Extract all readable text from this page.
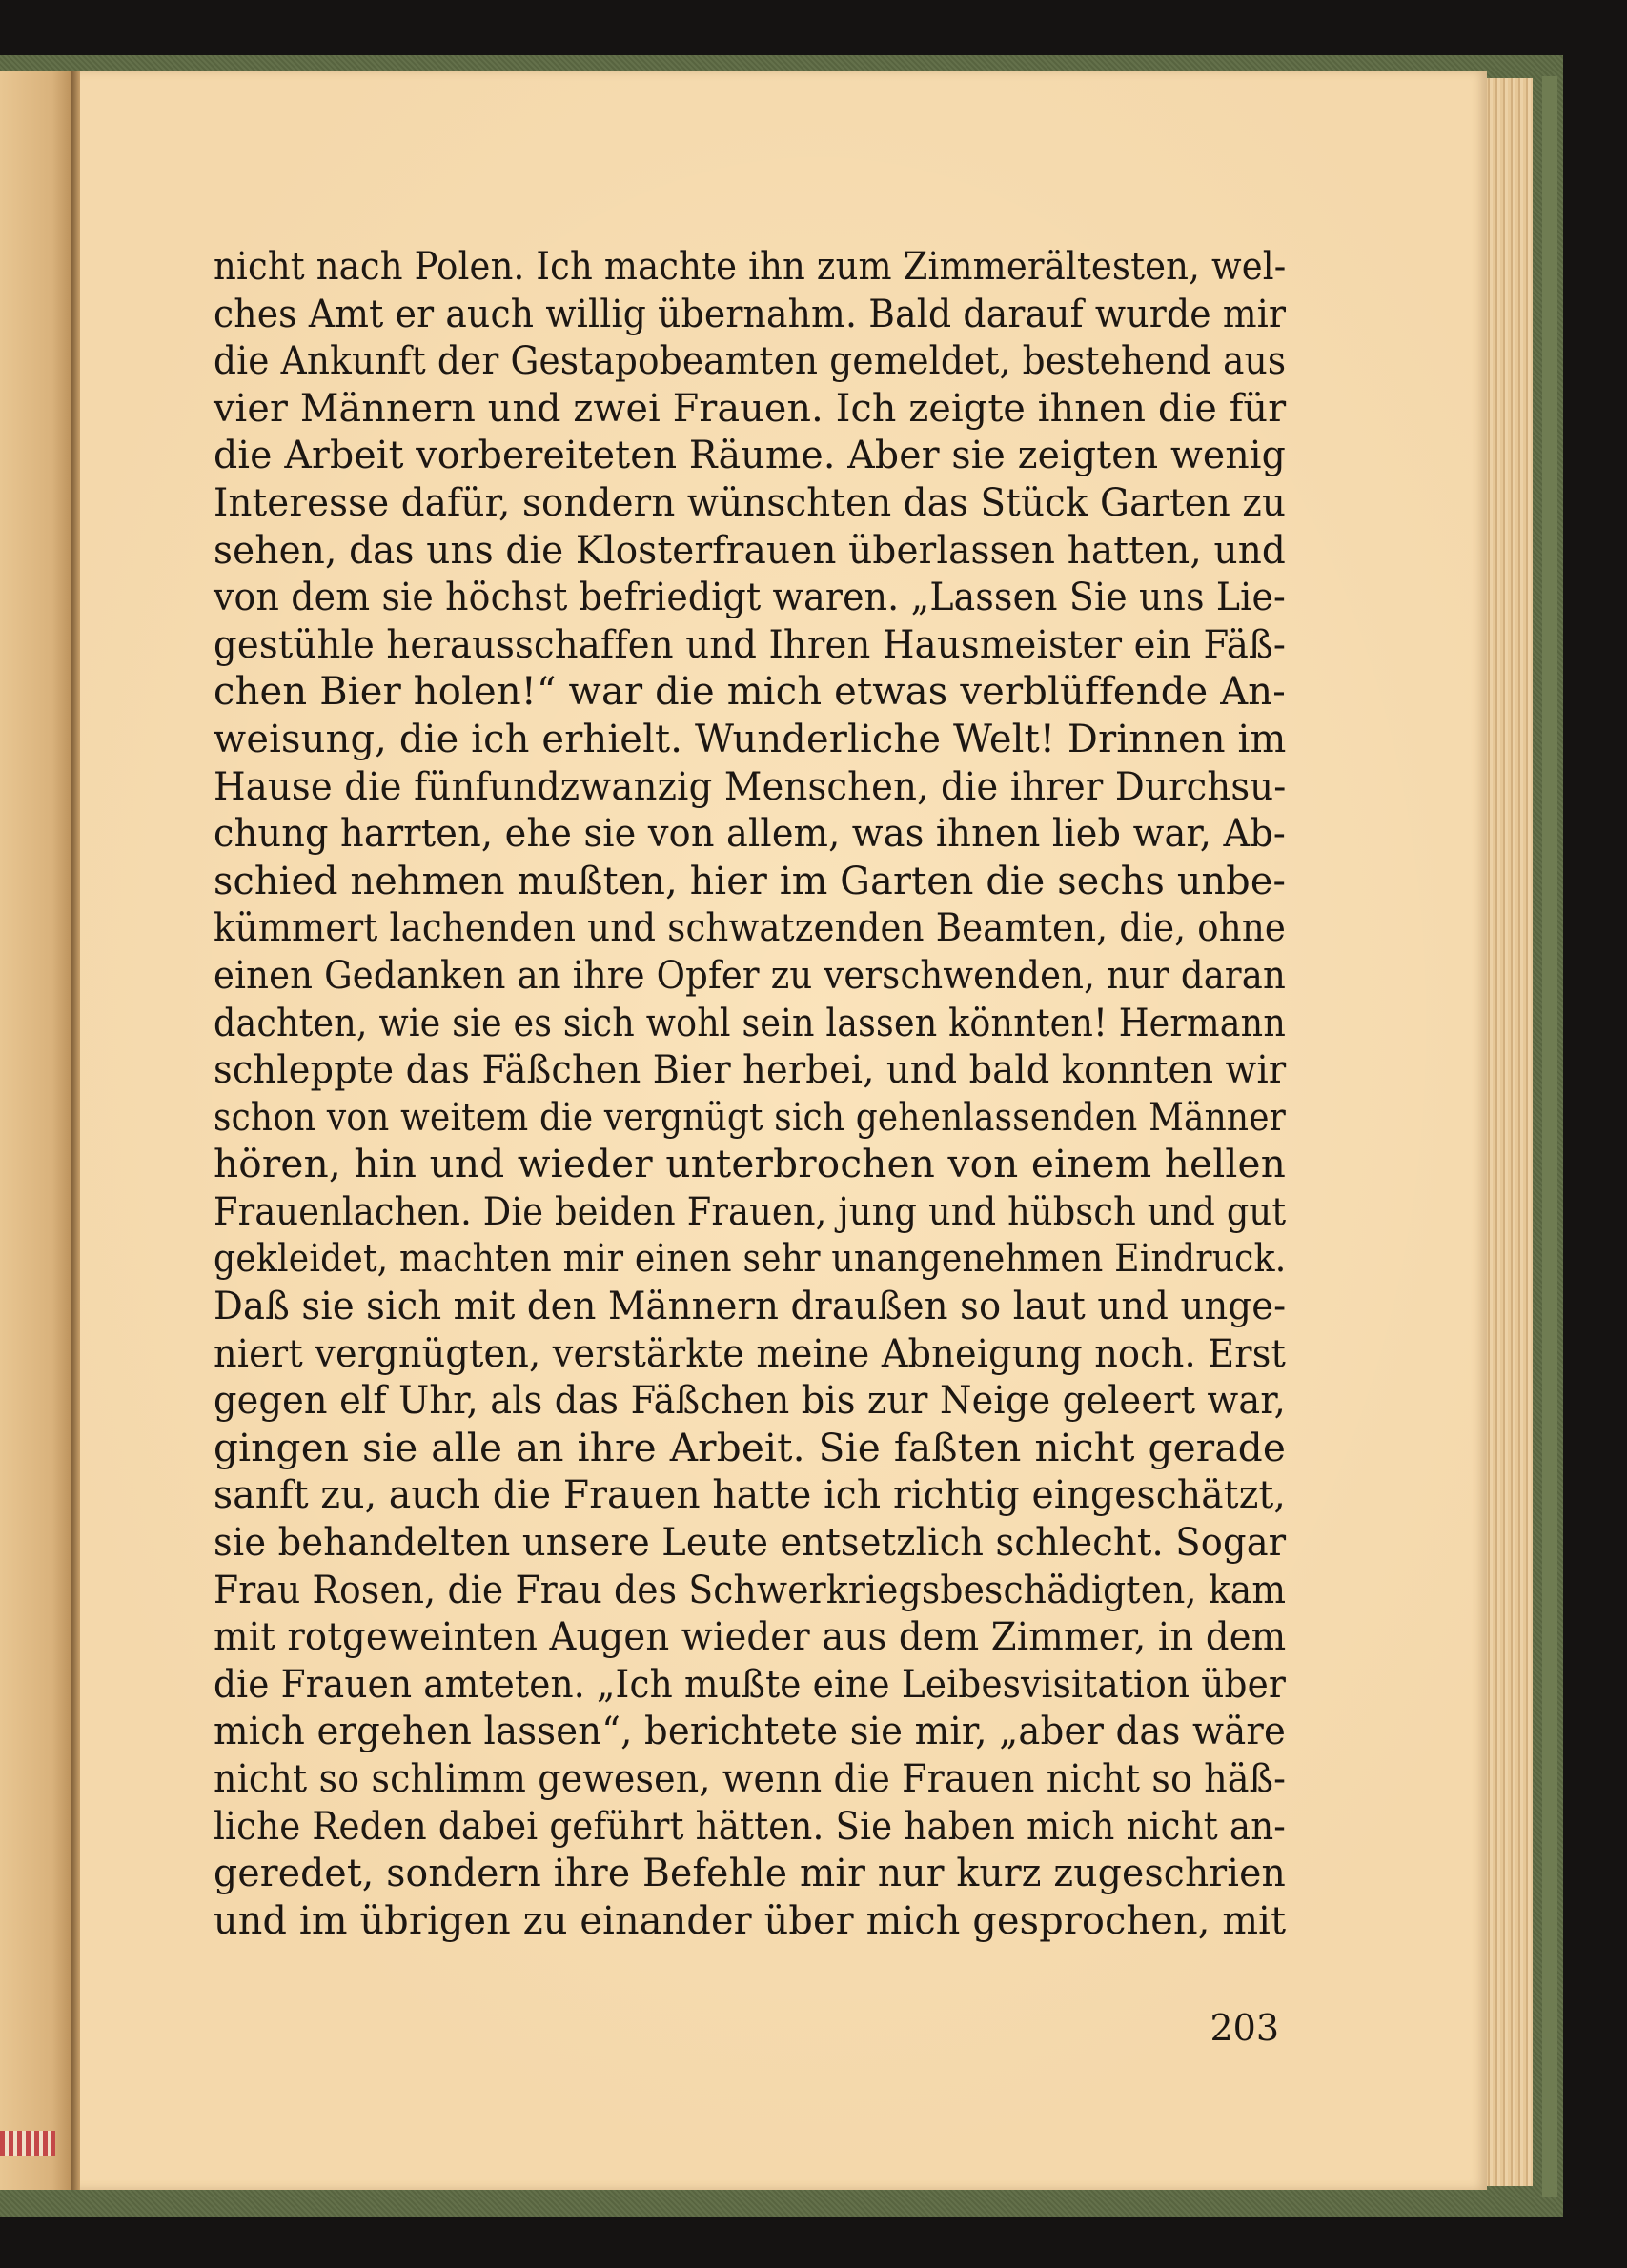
nicht nach Polen. Ich machte ihn zum Zimmerältesten, wel-
ches Amt er auch willig übernahm. Bald darauf wurde mir
die Ankunft der Gestapobeamten gemeldet, bestehend aus
vier Männern und zwei Frauen. Ich zeigte ihnen die für
die Arbeit vorbereiteten Räume. Aber sie zeigten wenig
Interesse dafür, sondern wünschten das Stück Garten zu
sehen, das uns die Klosterfrauen überlassen hatten, und
von dem sie höchst befriedigt waren. „Lassen Sie uns Lie-
gestühle herausschaffen und Ihren Hausmeister ein Fäß-
chen Bier holen!“ war die mich etwas verblüffende An-
weisung, die ich erhielt. Wunderliche Welt! Drinnen im
Hause die fünfundzwanzig Menschen, die ihrer Durchsu-
chung harrten, ehe sie von allem, was ihnen lieb war, Ab-
schied nehmen mußten, hier im Garten die sechs unbe-
kümmert lachenden und schwatzenden Beamten, die, ohne
einen Gedanken an ihre Opfer zu verschwenden, nur daran
dachten, wie sie es sich wohl sein lassen könnten! Hermann
schleppte das Fäßchen Bier herbei, und bald konnten wir
schon von weitem die vergnügt sich gehenlassenden Männer
hören, hin und wieder unterbrochen von einem hellen
Frauenlachen. Die beiden Frauen, jung und hübsch und gut
gekleidet, machten mir einen sehr unangenehmen Eindruck.
Daß sie sich mit den Männern draußen so laut und unge-
niert vergnügten, verstärkte meine Abneigung noch. Erst
gegen elf Uhr, als das Fäßchen bis zur Neige geleert war,
gingen sie alle an ihre Arbeit. Sie faßten nicht gerade
sanft zu, auch die Frauen hatte ich richtig eingeschätzt,
sie behandelten unsere Leute entsetzlich schlecht. Sogar
Frau Rosen, die Frau des Schwerkriegsbeschädigten, kam
mit rotgeweinten Augen wieder aus dem Zimmer, in dem
die Frauen amteten. „Ich mußte eine Leibesvisitation über
mich ergehen lassen“, berichtete sie mir, „aber das wäre
nicht so schlimm gewesen, wenn die Frauen nicht so häß-
liche Reden dabei geführt hätten. Sie haben mich nicht an-
geredet, sondern ihre Befehle mir nur kurz zugeschrien
und im übrigen zu einander über mich gesprochen, mit
203
